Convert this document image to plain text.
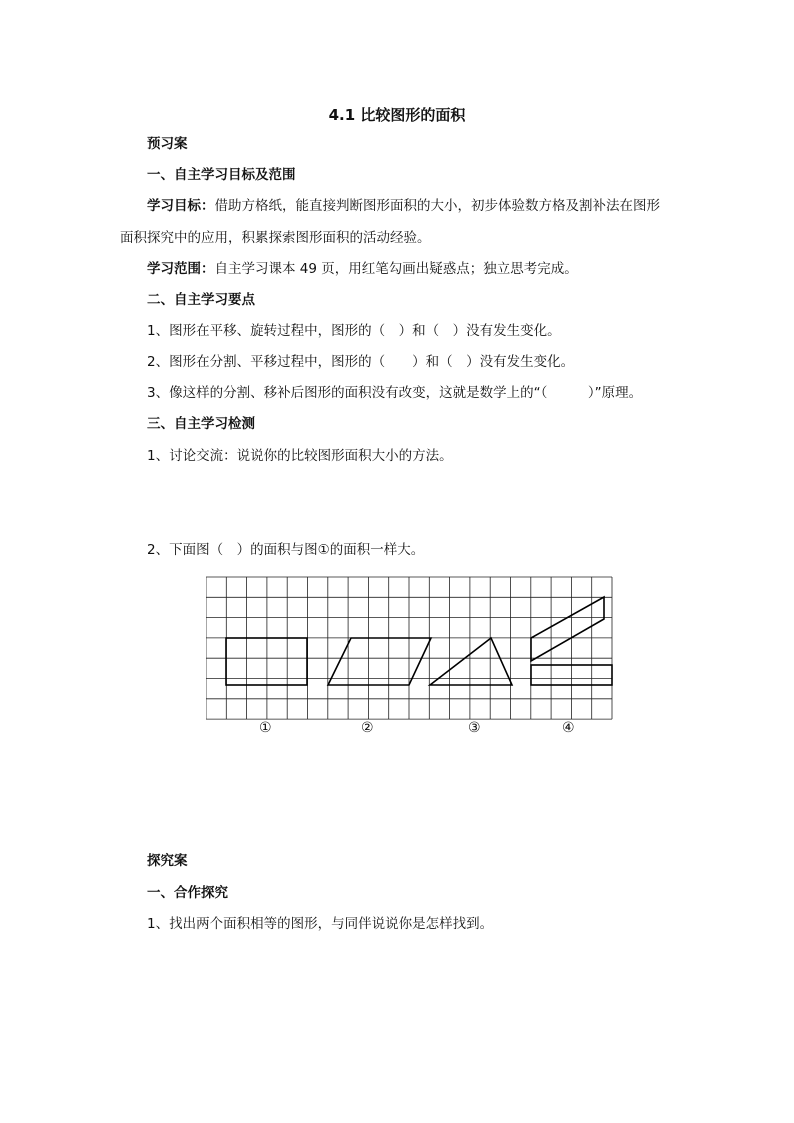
4.1 比较图形的面积
预习案
一、自主学习目标及范围
学习目标：借助方格纸，能直接判断图形面积的大小，初步体验数方格及割补法在图形
面积探究中的应用，积累探索图形面积的活动经验。
学习范围：自主学习课本 49 页，用红笔勾画出疑惑点；独立思考完成。
二、自主学习要点
1、图形在平移、旋转过程中，图形的（　）和（　）没有发生变化。
2、图形在分割、平移过程中，图形的（　　）和（　）没有发生变化。
3、像这样的分割、移补后图形的面积没有改变，这就是数学上的“（　　　）”原理。
三、自主学习检测
1、讨论交流：说说你的比较图形面积大小的方法。
2、下面图（　）的面积与图①的面积一样大。
①	②	③	④
探究案
一、合作探究
1、找出两个面积相等的图形，与同伴说说你是怎样找到。
